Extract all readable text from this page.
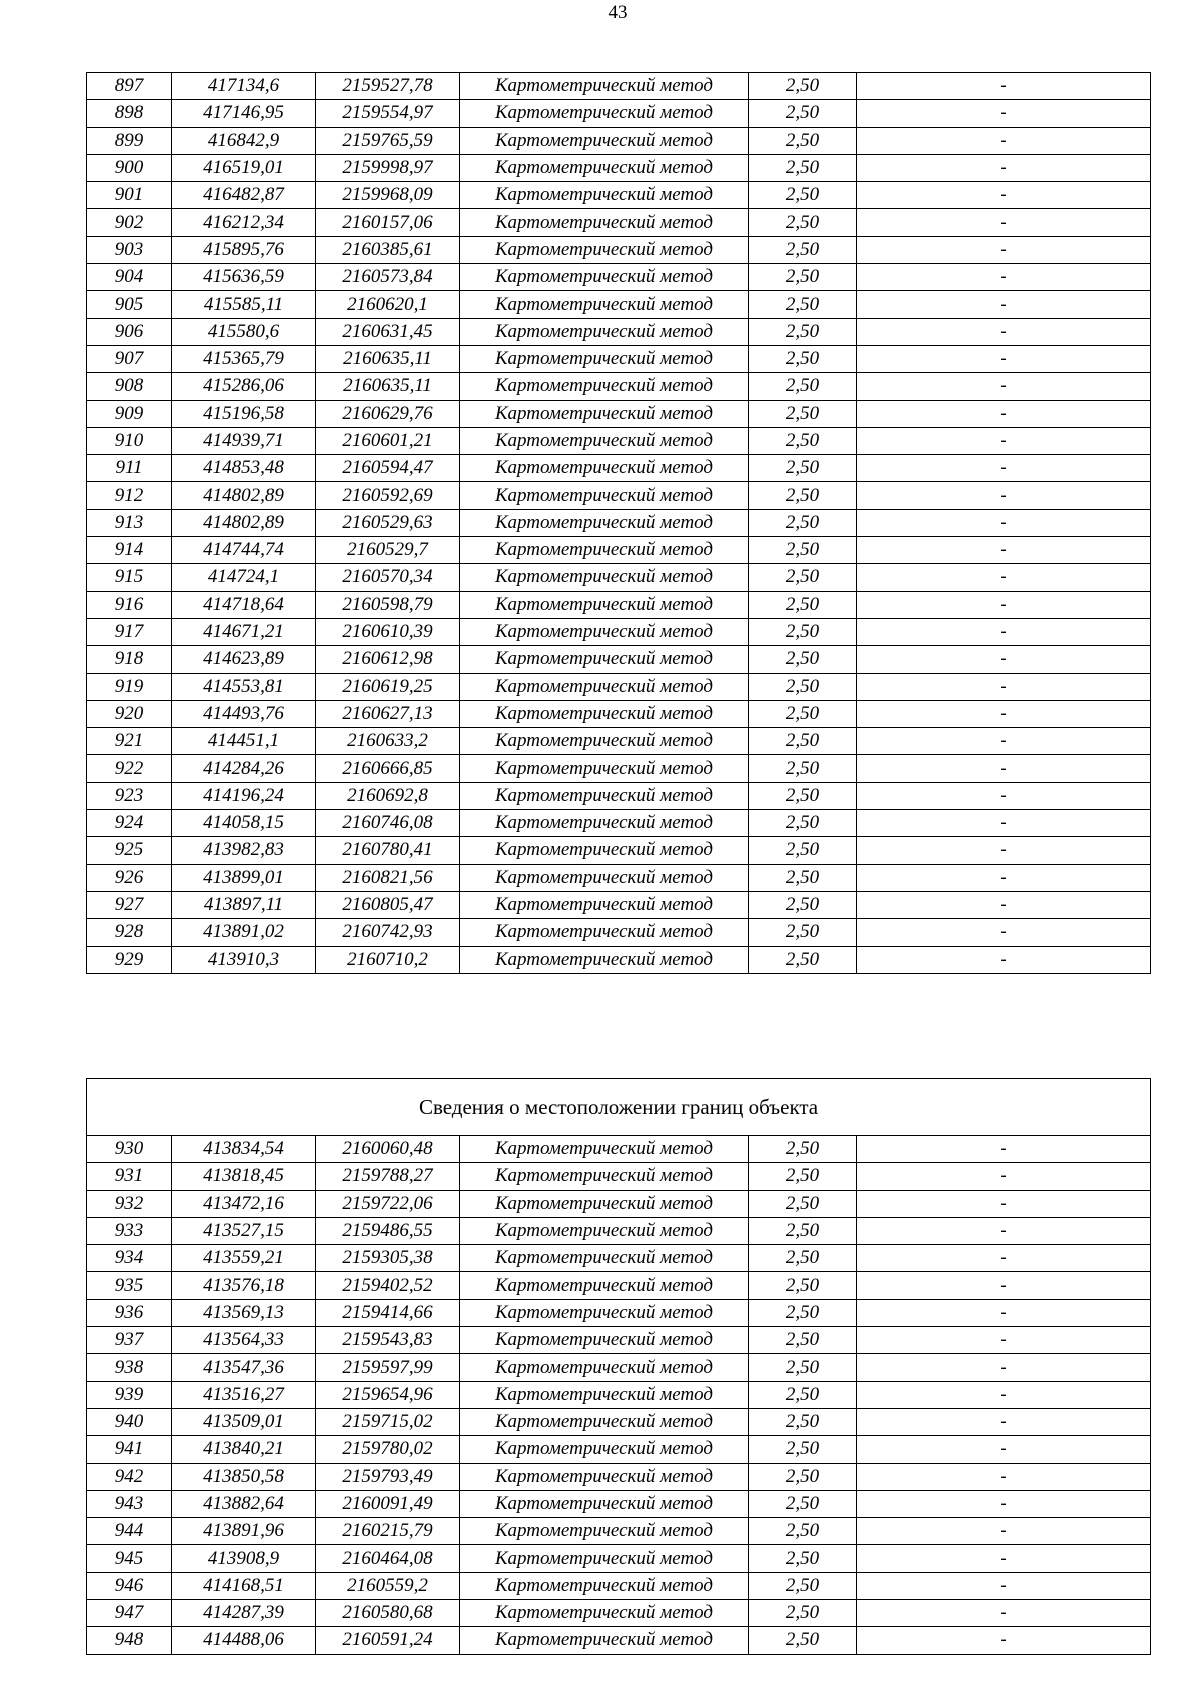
43
897	417134,6	2159527,78	Картометрический метод	2,50	-
898	417146,95	2159554,97	Картометрический метод	2,50	-
899	416842,9	2159765,59	Картометрический метод	2,50	-
900	416519,01	2159998,97	Картометрический метод	2,50	-
901	416482,87	2159968,09	Картометрический метод	2,50	-
902	416212,34	2160157,06	Картометрический метод	2,50	-
903	415895,76	2160385,61	Картометрический метод	2,50	-
904	415636,59	2160573,84	Картометрический метод	2,50	-
905	415585,11	2160620,1	Картометрический метод	2,50	-
906	415580,6	2160631,45	Картометрический метод	2,50	-
907	415365,79	2160635,11	Картометрический метод	2,50	-
908	415286,06	2160635,11	Картометрический метод	2,50	-
909	415196,58	2160629,76	Картометрический метод	2,50	-
910	414939,71	2160601,21	Картометрический метод	2,50	-
911	414853,48	2160594,47	Картометрический метод	2,50	-
912	414802,89	2160592,69	Картометрический метод	2,50	-
913	414802,89	2160529,63	Картометрический метод	2,50	-
914	414744,74	2160529,7	Картометрический метод	2,50	-
915	414724,1	2160570,34	Картометрический метод	2,50	-
916	414718,64	2160598,79	Картометрический метод	2,50	-
917	414671,21	2160610,39	Картометрический метод	2,50	-
918	414623,89	2160612,98	Картометрический метод	2,50	-
919	414553,81	2160619,25	Картометрический метод	2,50	-
920	414493,76	2160627,13	Картометрический метод	2,50	-
921	414451,1	2160633,2	Картометрический метод	2,50	-
922	414284,26	2160666,85	Картометрический метод	2,50	-
923	414196,24	2160692,8	Картометрический метод	2,50	-
924	414058,15	2160746,08	Картометрический метод	2,50	-
925	413982,83	2160780,41	Картометрический метод	2,50	-
926	413899,01	2160821,56	Картометрический метод	2,50	-
927	413897,11	2160805,47	Картометрический метод	2,50	-
928	413891,02	2160742,93	Картометрический метод	2,50	-
929	413910,3	2160710,2	Картометрический метод	2,50	-
Сведения о местоположении границ объекта					
930	413834,54	2160060,48	Картометрический метод	2,50	-
931	413818,45	2159788,27	Картометрический метод	2,50	-
932	413472,16	2159722,06	Картометрический метод	2,50	-
933	413527,15	2159486,55	Картометрический метод	2,50	-
934	413559,21	2159305,38	Картометрический метод	2,50	-
935	413576,18	2159402,52	Картометрический метод	2,50	-
936	413569,13	2159414,66	Картометрический метод	2,50	-
937	413564,33	2159543,83	Картометрический метод	2,50	-
938	413547,36	2159597,99	Картометрический метод	2,50	-
939	413516,27	2159654,96	Картометрический метод	2,50	-
940	413509,01	2159715,02	Картометрический метод	2,50	-
941	413840,21	2159780,02	Картометрический метод	2,50	-
942	413850,58	2159793,49	Картометрический метод	2,50	-
943	413882,64	2160091,49	Картометрический метод	2,50	-
944	413891,96	2160215,79	Картометрический метод	2,50	-
945	413908,9	2160464,08	Картометрический метод	2,50	-
946	414168,51	2160559,2	Картометрический метод	2,50	-
947	414287,39	2160580,68	Картометрический метод	2,50	-
948	414488,06	2160591,24	Картометрический метод	2,50	-
